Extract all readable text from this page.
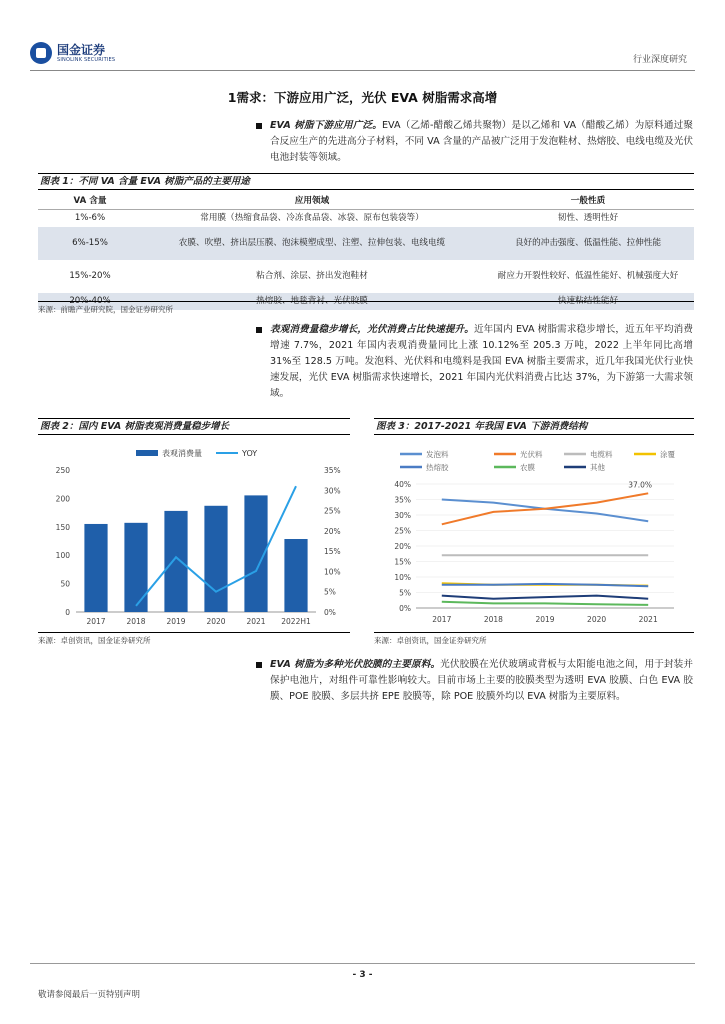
国金证券
SINOLINK SECURITIES	行业深度研究
1需求：下游应用广泛，光伏 EVA 树脂需求高增
EVA 树脂下游应用广泛。EVA（乙烯-醋酸乙烯共聚物）是以乙烯和 VA（醋酸乙烯）为原料通过聚合反应生产的先进高分子材料，不同 VA 含量的产品被广泛用于发泡鞋材、热熔胶、电线电缆及光伏电池封装等领域。
图表 1：不同 VA 含量 EVA 树脂产品的主要用途
VA 含量	应用领域	一般性质
1%-6%	常用膜（热缩食品袋、冷冻食品袋、冰袋、原布包装袋等）	韧性、透明性好
6%-15%	农膜、吹塑、挤出层压膜、泡沫模塑成型、注塑、拉伸包装、电线电缆	良好的冲击强度、低温性能、拉伸性能
15%-20%	粘合剂、涂层、挤出发泡鞋材	耐应力开裂性较好、低温性能好、机械强度大好
20%-40%	热熔胶、地毯背衬、光伏胶膜	快速粘结性能好
来源：前瞻产业研究院，国金证券研究所
表观消费量稳步增长，光伏消费占比快速提升。近年国内 EVA 树脂需求稳步增长，近五年平均消费增速 7.7%，2021 年国内表观消费量同比上涨 10.12%至 205.3 万吨，2022 上半年同比高增 31%至 128.5 万吨。发泡料、光伏料和电缆料是我国 EVA 树脂主要需求，近几年我国光伏行业快速发展，光伏 EVA 树脂需求快速增长，2021 年国内光伏料消费占比达 37%，为下游第一大需求领域。
图表 2：国内 EVA 树脂表观消费量稳步增长
表观消费量	YOY
0
50
100
150
200
250
0%
5%
10%
15%
20%
25%
30%
35%
2017	2018	2019	2020	2021 2022H1
来源：卓创资讯，国金证券研究所
图表 3：2017-2021 年我国 EVA 下游消费结构
发泡料	光伏料	电缆料	涂覆
热熔胶	农膜	其他
0%
5%
10%
15%
20%
25%
30%
35%
40%
2017	2018	2019	2020	2021
37.0%
来源：卓创资讯，国金证券研究所
EVA 树脂为多种光伏胶膜的主要原料。光伏胶膜在光伏玻璃或背板与太阳能电池之间，用于封装并保护电池片，对组件可靠性影响较大。目前市场上主要的胶膜类型为透明 EVA 胶膜、白色 EVA 胶膜、POE 胶膜、多层共挤 EPE 胶膜等，除 POE 胶膜外均以 EVA 树脂为主要原料。
- 3 -
敬请参阅最后一页特别声明
